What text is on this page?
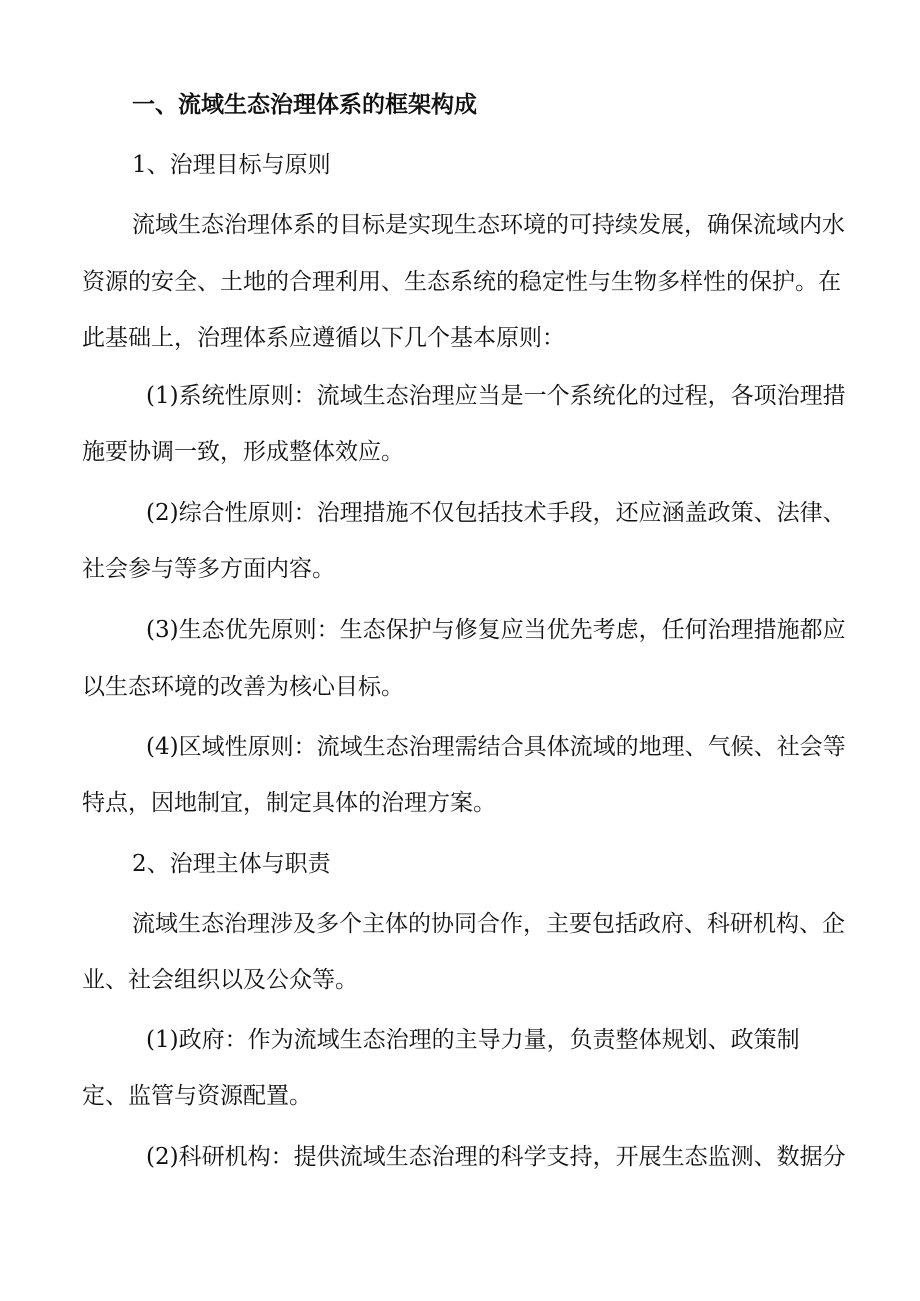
一、流域生态治理体系的框架构成
1、治理目标与原则
流域生态治理体系的目标是实现生态环境的可持续发展，确保流域内水
资源的安全、土地的合理利用、生态系统的稳定性与生物多样性的保护。在
此基础上，治理体系应遵循以下几个基本原则：
(1)系统性原则：流域生态治理应当是一个系统化的过程，各项治理措
施要协调一致，形成整体效应。
(2)综合性原则：治理措施不仅包括技术手段，还应涵盖政策、法律、
社会参与等多方面内容。
(3)生态优先原则：生态保护与修复应当优先考虑，任何治理措施都应
以生态环境的改善为核心目标。
(4)区域性原则：流域生态治理需结合具体流域的地理、气候、社会等
特点，因地制宜，制定具体的治理方案。
2、治理主体与职责
流域生态治理涉及多个主体的协同合作，主要包括政府、科研机构、企
业、社会组织以及公众等。
(1)政府：作为流域生态治理的主导力量，负责整体规划、政策制
定、监管与资源配置。
(2)科研机构：提供流域生态治理的科学支持，开展生态监测、数据分
